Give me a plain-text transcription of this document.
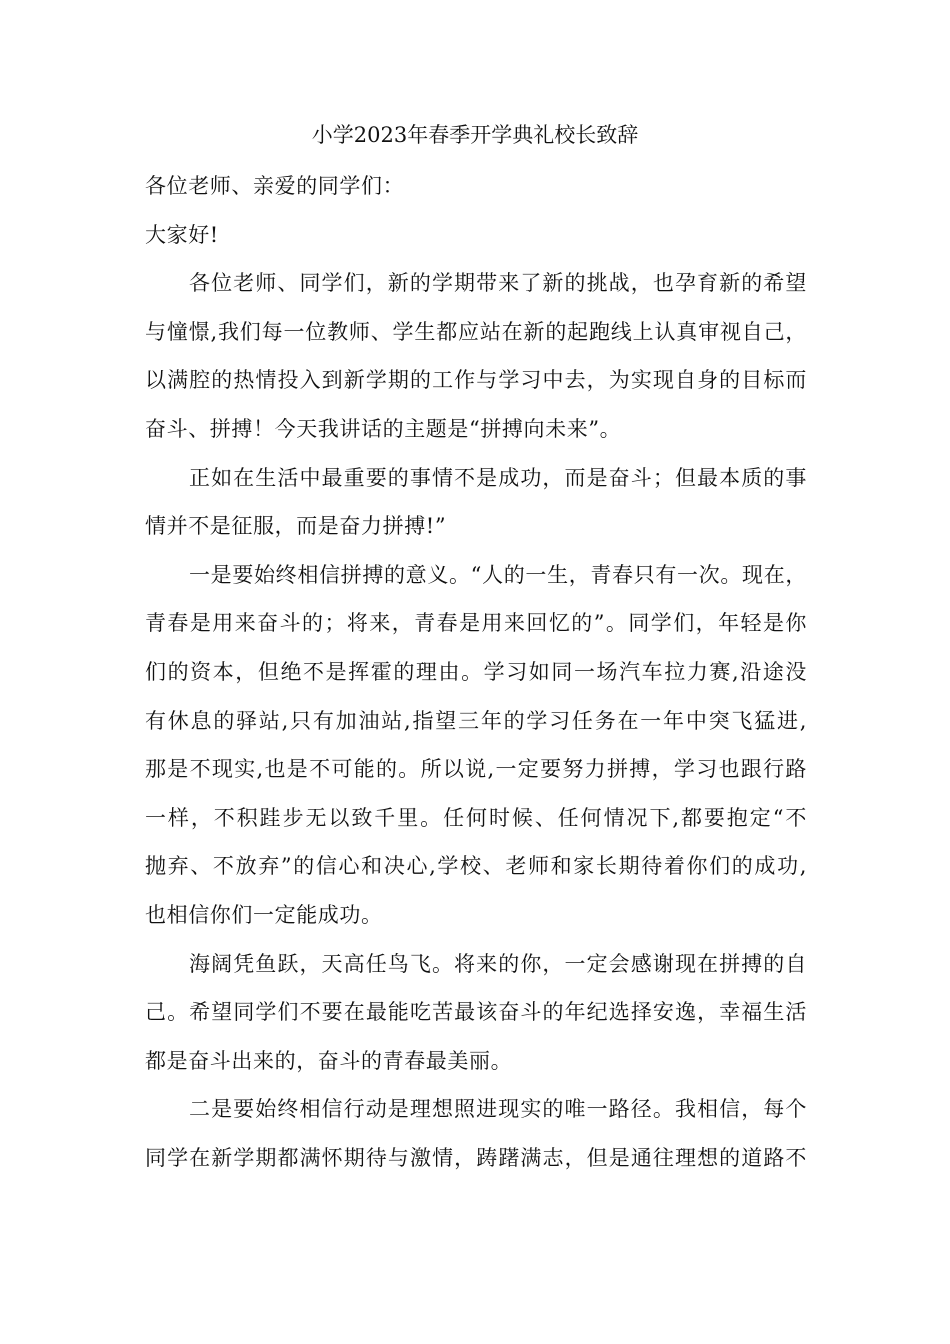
小学2023年春季开学典礼校长致辞
各位老师、亲爱的同学们：
大家好!
各位老师、同学们，新的学期带来了新的挑战，也孕育新的希望
与憧憬,我们每一位教师、学生都应站在新的起跑线上认真审视自己，
以满腔的热情投入到新学期的工作与学习中去，为实现自身的目标而
奋斗、拼搏！今天我讲话的主题是“拼搏向未来”。
正如在生活中最重要的事情不是成功，而是奋斗；但最本质的事
情并不是征服，而是奋力拼搏!”
一是要始终相信拼搏的意义。“人的一生，青春只有一次。现在，
青春是用来奋斗的；将来，青春是用来回忆的”。同学们，年轻是你
们的资本，但绝不是挥霍的理由。学习如同一场汽车拉力赛,沿途没
有休息的驿站,只有加油站,指望三年的学习任务在一年中突飞猛进,
那是不现实,也是不可能的。所以说,一定要努力拼搏，学习也跟行路
一样，不积跬步无以致千里。任何时候、任何情况下,都要抱定“不
抛弃、不放弃”的信心和决心,学校、老师和家长期待着你们的成功,
也相信你们一定能成功。
海阔凭鱼跃，天高任鸟飞。将来的你，一定会感谢现在拼搏的自
己。希望同学们不要在最能吃苦最该奋斗的年纪选择安逸，幸福生活
都是奋斗出来的，奋斗的青春最美丽。
二是要始终相信行动是理想照进现实的唯一路径。我相信，每个
同学在新学期都满怀期待与激情，踌躇满志，但是通往理想的道路不
